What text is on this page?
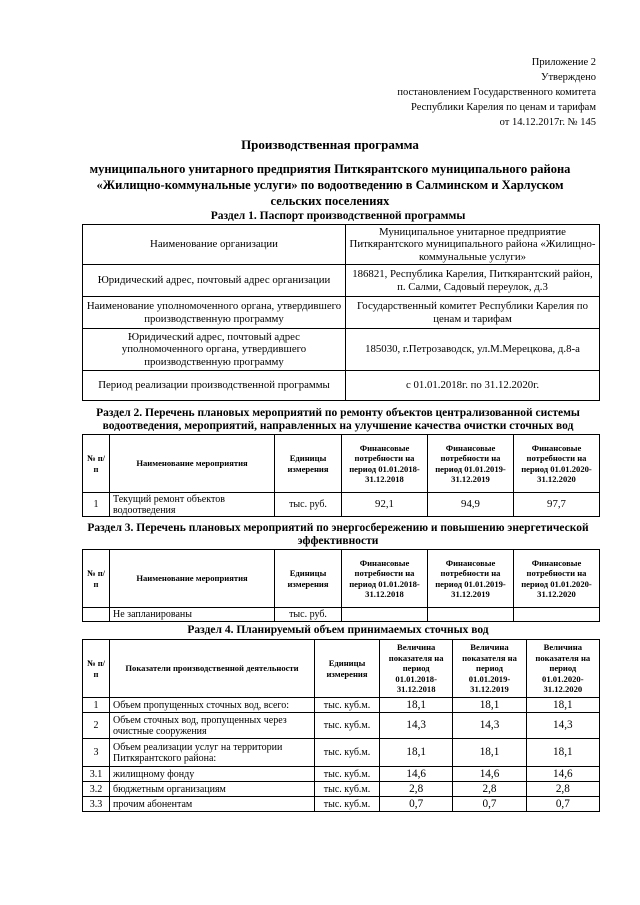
Приложение 2
Утверждено
постановлением Государственного комитета
Республики Карелия по ценам и тарифам
от 14.12.2017г. № 145
Производственная программа
муниципального унитарного предприятия Питкярантского муниципального района
«Жилищно-коммунальные услуги» по водоотведению в Салминском и Харлуском
сельских поселениях
Раздел 1. Паспорт производственной программы
Наименование организации	Муниципальное унитарное предприятие Питкярантского муниципального района «Жилищно-коммунальные услуги»
Юридический адрес, почтовый адрес организации	186821, Республика Карелия, Питкярантский район, п. Салми, Садовый переулок, д.3
Наименование уполномоченного органа, утвердившего производственную программу	Государственный комитет Республики Карелия по ценам и тарифам
Юридический адрес, почтовый адрес уполномоченного органа, утвердившего производственную программу	185030, г.Петрозаводск, ул.М.Мерецкова, д.8-а
Период реализации производственной программы	с 01.01.2018г. по 31.12.2020г.
Раздел 2. Перечень плановых мероприятий по ремонту объектов централизованной системы водоотведения, мероприятий, направленных на улучшение качества очистки сточных вод
№ п/п	Наименование мероприятия	Единицы измерения	Финансовые потребности на период 01.01.2018-31.12.2018	Финансовые потребности на период 01.01.2019-31.12.2019	Финансовые потребности на период 01.01.2020-31.12.2020
1	Текущий ремонт объектов водоотведения	тыс. руб.	92,1	94,9	97,7
Раздел 3. Перечень плановых мероприятий по энергосбережению и повышению энергетической эффективности
№ п/п	Наименование мероприятия	Единицы измерения	Финансовые потребности на период 01.01.2018-31.12.2018	Финансовые потребности на период 01.01.2019-31.12.2019	Финансовые потребности на период 01.01.2020-31.12.2020
	Не запланированы	тыс. руб.			
Раздел 4. Планируемый объем принимаемых сточных вод
№ п/п	Показатели производственной деятельности	Единицы измерения	Величина показателя на период 01.01.2018-31.12.2018	Величина показателя на период 01.01.2019-31.12.2019	Величина показателя на период 01.01.2020-31.12.2020
1	Объем пропущенных сточных вод, всего:	тыс. куб.м.	18,1	18,1	18,1
2	Объем сточных вод, пропущенных через очистные сооружения	тыс. куб.м.	14,3	14,3	14,3
3	Объем реализации услуг на территории Питкярантского района:	тыс. куб.м.	18,1	18,1	18,1
3.1	жилищному фонду	тыс. куб.м.	14,6	14,6	14,6
3.2	бюджетным организациям	тыс. куб.м.	2,8	2,8	2,8
3.3	прочим абонентам	тыс. куб.м.	0,7	0,7	0,7
